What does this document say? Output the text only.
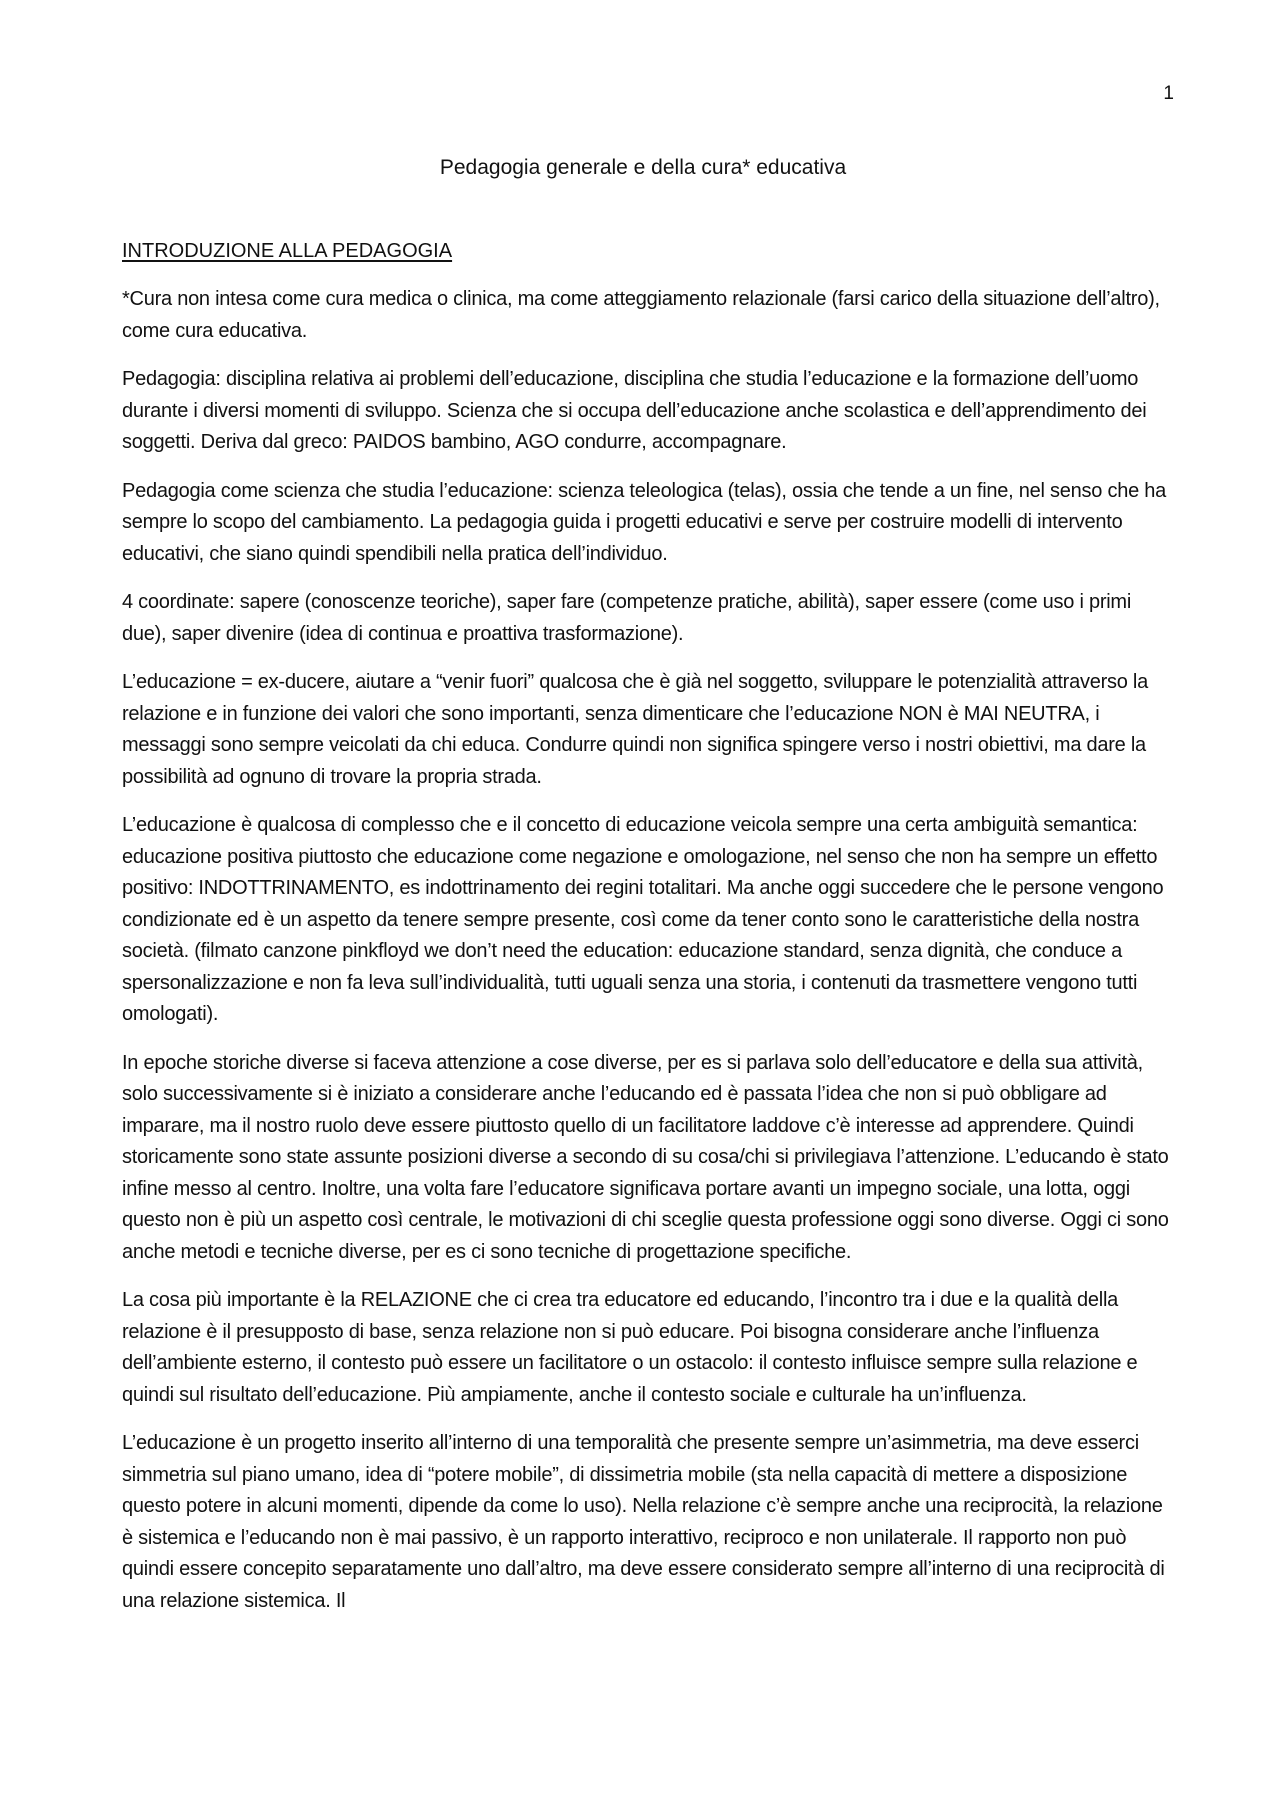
1
Pedagogia generale e della cura* educativa
INTRODUZIONE ALLA PEDAGOGIA

*Cura non intesa come cura medica o clinica, ma come atteggiamento relazionale (farsi carico della situazione dell’altro), come cura educativa.

Pedagogia: disciplina relativa ai problemi dell’educazione, disciplina che studia l’educazione e la formazione dell’uomo durante i diversi momenti di sviluppo. Scienza che si occupa dell’educazione anche scolastica e dell’apprendimento dei soggetti. Deriva dal greco: PAIDOS bambino, AGO condurre, accompagnare.

Pedagogia come scienza che studia l’educazione: scienza teleologica (telas), ossia che tende a un fine, nel senso che ha sempre lo scopo del cambiamento. La pedagogia guida i progetti educativi e serve per costruire modelli di intervento educativi, che siano quindi spendibili nella pratica dell’individuo.

4 coordinate: sapere (conoscenze teoriche), saper fare (competenze pratiche, abilità), saper essere (come uso i primi due), saper divenire (idea di continua e proattiva trasformazione).

L’educazione = ex-ducere, aiutare a “venir fuori” qualcosa che è già nel soggetto, sviluppare le potenzialità attraverso la relazione e in funzione dei valori che sono importanti, senza dimenticare che l’educazione NON è MAI NEUTRA, i messaggi sono sempre veicolati da chi educa. Condurre quindi non significa spingere verso i nostri obiettivi, ma dare la possibilità ad ognuno di trovare la propria strada.

L’educazione è qualcosa di complesso che e il concetto di educazione veicola sempre una certa ambiguità semantica: educazione positiva piuttosto che educazione come negazione e omologazione, nel senso che non ha sempre un effetto positivo: INDOTTRINAMENTO, es indottrinamento dei regini totalitari. Ma anche oggi succedere che le persone vengono condizionate ed è un aspetto da tenere sempre presente, così come da tener conto sono le caratteristiche della nostra società. (filmato canzone pinkfloyd we don’t need the education: educazione standard, senza dignità, che conduce a spersonalizzazione e non fa leva sull’individualità, tutti uguali senza una storia, i contenuti da trasmettere vengono tutti omologati).

In epoche storiche diverse si faceva attenzione a cose diverse, per es si parlava solo dell’educatore e della sua attività, solo successivamente si è iniziato a considerare anche l’educando ed è passata l’idea che non si può obbligare ad imparare, ma il nostro ruolo deve essere piuttosto quello di un facilitatore laddove c’è interesse ad apprendere. Quindi storicamente sono state assunte posizioni diverse a secondo di su cosa/chi si privilegiava l’attenzione. L’educando è stato infine messo al centro. Inoltre, una volta fare l’educatore significava portare avanti un impegno sociale, una lotta, oggi questo non è più un aspetto così centrale, le motivazioni di chi sceglie questa professione oggi sono diverse. Oggi ci sono anche metodi e tecniche diverse, per es ci sono tecniche di progettazione specifiche.

La cosa più importante è la RELAZIONE che ci crea tra educatore ed educando, l’incontro tra i due e la qualità della relazione è il presupposto di base, senza relazione non si può educare. Poi bisogna considerare anche l’influenza dell’ambiente esterno, il contesto può essere un facilitatore o un ostacolo: il contesto influisce sempre sulla relazione e quindi sul risultato dell’educazione. Più ampiamente, anche il contesto sociale e culturale ha un’influenza.

L’educazione è un progetto inserito all’interno di una temporalità che presente sempre un’asimmetria, ma deve esserci simmetria sul piano umano, idea di “potere mobile”, di dissimetria mobile (sta nella capacità di mettere a disposizione questo potere in alcuni momenti, dipende da come lo uso). Nella relazione c’è sempre anche una reciprocità, la relazione è sistemica e l’educando non è mai passivo, è un rapporto interattivo, reciproco e non unilaterale. Il rapporto non può quindi essere concepito separatamente uno dall’altro, ma deve essere considerato sempre all’interno di una reciprocità di una relazione sistemica. Il
